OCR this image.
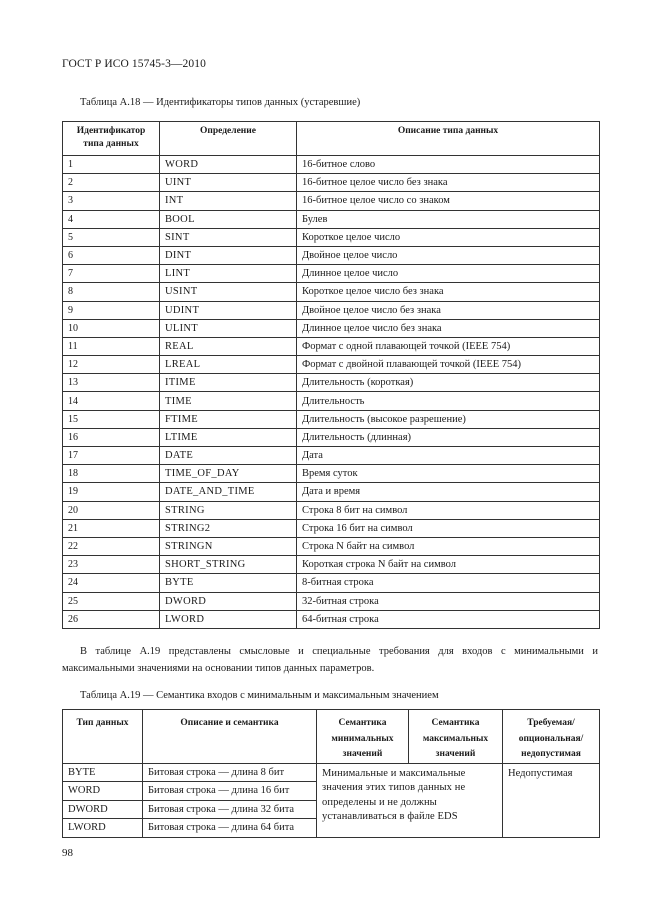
ГОСТ Р ИСО 15745-3—2010
Таблица А.18 — Идентификаторы типов данных (устаревшие)
Идентификатор типа данных	Определение	Описание типа данных
1	WORD	16-битное слово
2	UINT	16-битное целое число без знака
3	INT	16-битное целое число со знаком
4	BOOL	Булев
5	SINT	Короткое целое число
6	DINT	Двойное целое число
7	LINT	Длинное целое число
8	USINT	Короткое целое число без знака
9	UDINT	Двойное целое число без знака
10	ULINT	Длинное целое число без знака
11	REAL	Формат с одной плавающей точкой (IEEE 754)
12	LREAL	Формат с двойной плавающей точкой (IEEE 754)
13	ITIME	Длительность (короткая)
14	TIME	Длительность
15	FTIME	Длительность (высокое разрешение)
16	LTIME	Длительность (длинная)
17	DATE	Дата
18	TIME_OF_DAY	Время суток
19	DATE_AND_TIME	Дата и время
20	STRING	Строка 8 бит на символ
21	STRING2	Строка 16 бит на символ
22	STRINGN	Строка N байт на символ
23	SHORT_STRING	Короткая строка N байт на символ
24	BYTE	8-битная строка
25	DWORD	32-битная строка
26	LWORD	64-битная строка
В таблице А.19 представлены смысловые и специальные требования для входов с минимальными и максимальными значениями на основании типов данных параметров.
Таблица А.19 — Семантика входов с минимальным и максимальным значением
Тип данных	Описание и семантика	Семантика минимальных значений	Семантика максимальных значений	Требуемая/ опциональная/ недопустимая
BYTE	Битовая строка — длина 8 бит	Минимальные и максимальные значения этих типов данных не определены и не должны устанавливаться в файле EDS		Недопустимая
WORD	Битовая строка — длина 16 бит			
DWORD	Битовая строка — длина 32 бита			
LWORD	Битовая строка — длина 64 бита			
98
